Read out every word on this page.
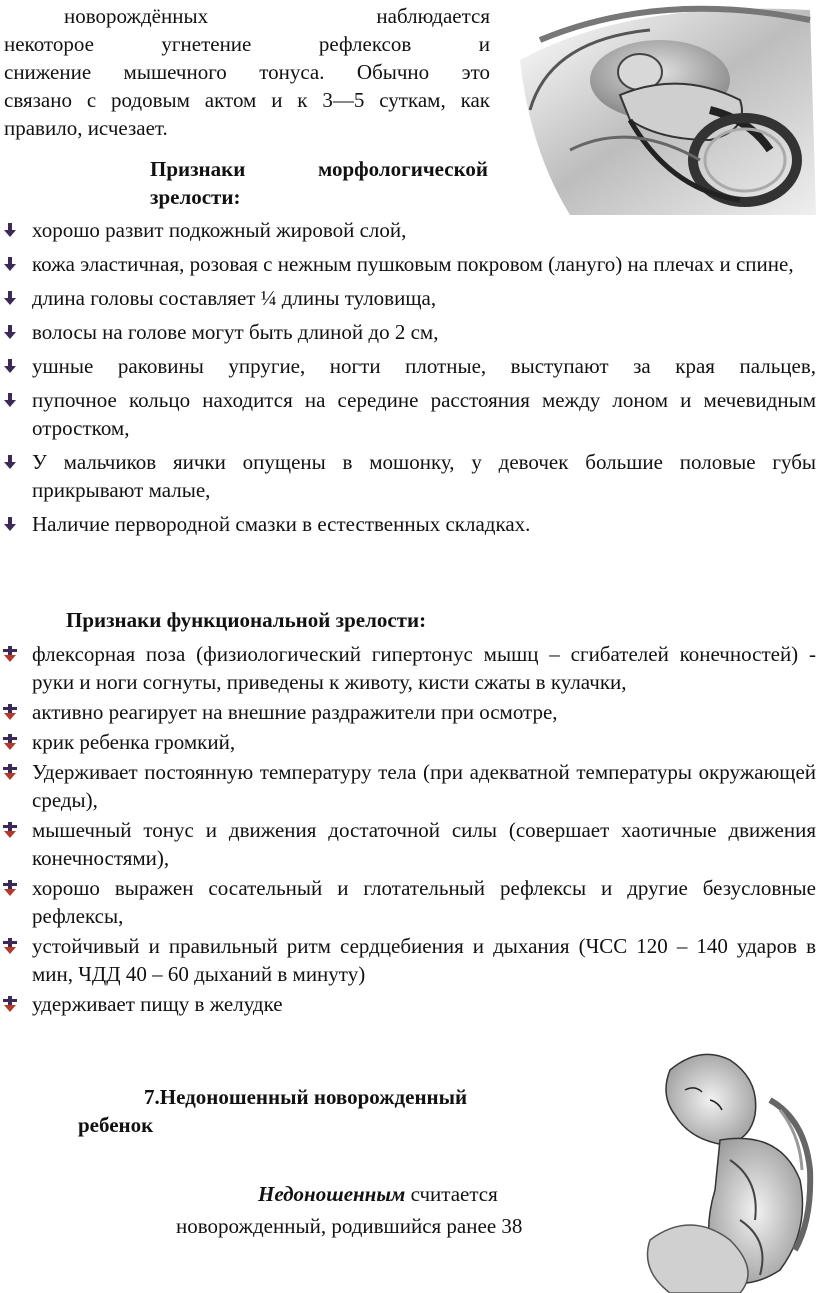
новорождённых наблюдается
некоторое угнетение рефлексов и
снижение мышечного тонуса. Обычно это
связано с родовым актом и к 3—5 суткам, как
правило, исчезает.
Признаки морфологической
зрелости:
хорошо развит подкожный жировой слой,
кожа эластичная, розовая с нежным пушковым покровом (лануго) на плечах и спине,
длина головы составляет ¼ длины туловища,
волосы на голове могут быть длиной до 2 см,
ушные раковины упругие, ногти плотные, выступают за края пальцев,
пупочное кольцо находится на середине расстояния между лоном и мечевидным отростком,
У мальчиков яички опущены в мошонку, у девочек большие половые губы прикрывают малые,
Наличие первородной смазки в естественных складках.
Признаки функциональной зрелости:
флексорная поза (физиологический гипертонус мышц – сгибателей конечностей) - руки и ноги согнуты, приведены к животу, кисти сжаты в кулачки,
активно реагирует на внешние раздражители при осмотре,
крик ребенка громкий,
Удерживает постоянную температуру тела (при адекватной температуры окружающей среды),
мышечный тонус и движения достаточной силы (совершает хаотичные движения конечностями),
хорошо выражен сосательный и глотательный рефлексы и другие безусловные рефлексы,
устойчивый и правильный ритм сердцебиения и дыхания (ЧСС 120 – 140 ударов в мин, ЧДД 40 – 60 дыханий в минуту)
удерживает пищу в желудке
7.Недоношенный новорожденный
ребенок
Недоношенным считается
новорожденный, родившийся ранее 38
